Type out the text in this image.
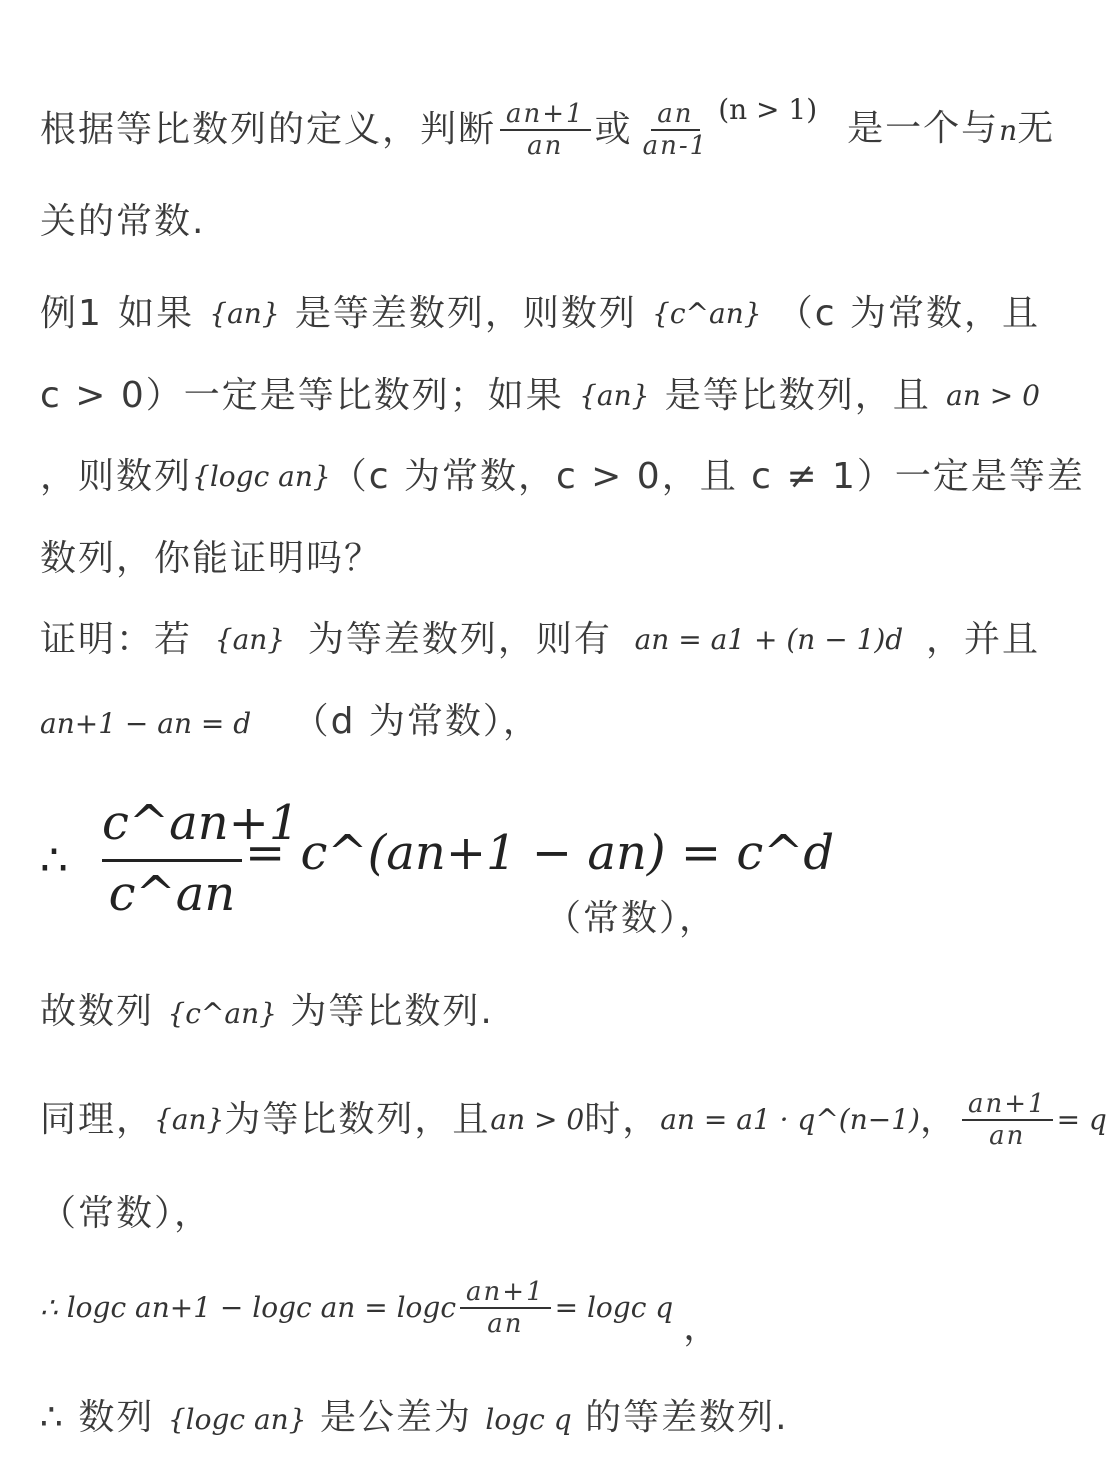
根据等比数列的定义，判断 $\frac{an+1}{an}$ 或 $\frac{an}{an-1} (n > 1)$ 是一个与n无
关的常数.
例1 如果 {an} 是等差数列，则数列 {c^an} （c 为常数，且
c > 0）一定是等比数列；如果 {an} 是等比数列，且 an > 0
，则数列 {logc an} （c 为常数，c > 0，且 c ≠ 1）一定是等差
数列，你能证明吗？
证明：若 {an} 为等差数列，则有 an = a1 + (n − 1)d ，并且
an+1 − an = d （d 为常数），
∴
c^an+1
c^an
= c^(an+1 − an) = c^d
（常数），
故数列 {c^an} 为等比数列.
同理， {an} 为等比数列，且 an > 0 时， an = a1 · q^(n−1) ， $\frac{an+1}{an} = q$
（常数），
∴ logc an+1 − logc an = logc $\frac{an+1}{an} = \log c$ q ，
∴ 数列 {logc an} 是公差为 logc q 的等差数列.
